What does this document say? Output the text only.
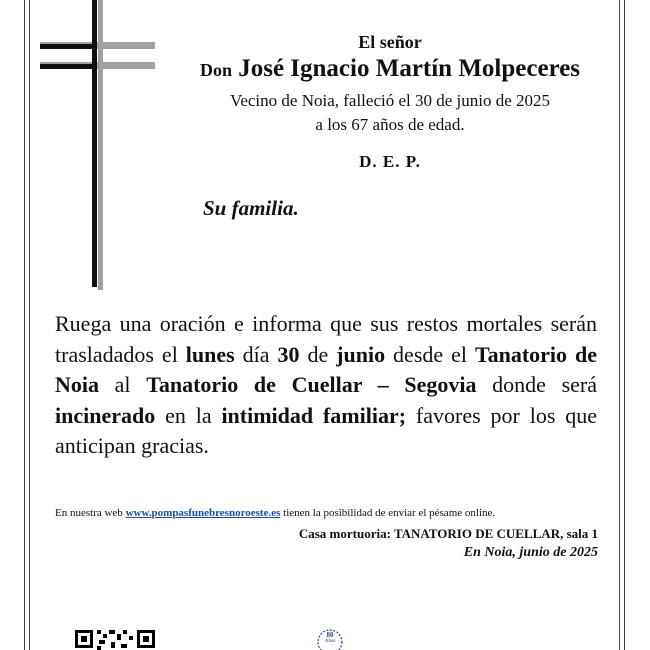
El señor
Don José Ignacio Martín Molpeceres
Vecino de Noia, falleció el 30 de junio de 2025
a los 67 años de edad.
D. E. P.
Su familia.
Ruega una oración e informa que sus restos mortales serán trasladados el lunes día 30 de junio desde el Tanatorio de Noia al Tanatorio de Cuellar – Segovia donde será incinerado en la intimidad familiar; favores por los que anticipan gracias.
En nuestra web www.pompasfunebresnoroeste.es tienen la posibilidad de enviar el pésame online.
Casa mortuoria: TANATORIO DE CUELLAR, sala 1
En Noia, junio de 2025
80
Años
